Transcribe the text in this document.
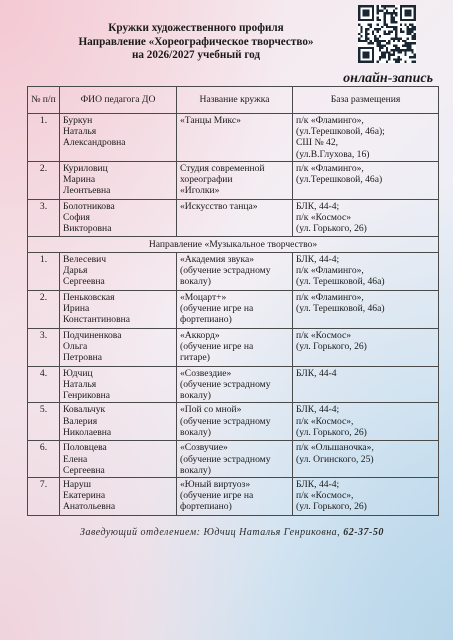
Кружки художественного профиля
Направление «Хореографическое творчество»
на 2026/2027 учебный год
онлайн-запись
№ п/п	ФИО педагога ДО	Название кружка	База размещения
1.	Буркун
Наталья
Александровна	«Танцы Микс»	п/к «Фламинго»,
(ул.Терешковой, 46а);
СШ № 42,
(ул.В.Глухова, 16)

2.	Куриловиц
Марина
Леонтьевна	Студия современной
хореографии
«Иголки»	п/к «Фламинго»,
(ул.Терешковой, 46а)

3.	Болотникова
София
Викторовна	«Искусство танца»	БЛК, 44-4;
п/к «Космос»
(ул. Горького, 26)

Направление «Музыкальное творчество»			
1.	Велесевич
Дарья
Сергеевна	«Академия звука»
(обучение эстрадному
вокалу)	БЛК, 44-4;
п/к «Фламинго»,
(ул. Терешковой, 46а)

2.	Пеньковская
Ирина
Константиновна	«Моцарт+»
(обучение игре на
фортепиано)	п/к «Фламинго»,
(ул. Терешковой, 46а)

3.	Подчиненкова
Ольга
Петровна	«Аккорд»
(обучение игре на
гитаре)	п/к «Космос»
(ул. Горького, 26)

4.	Юдчиц
Наталья
Генриковна	«Созвездие»
(обучение эстрадному
вокалу)	БЛК, 44-4

5.	Ковальчук
Валерия
Николаевна	«Пой со мной»
(обучение эстрадному
вокалу)	БЛК, 44-4;
п/к «Космос»,
(ул. Горького, 26)

6.	Половцева
Елена
Сергеевна	«Созвучие»
(обучение эстрадному
вокалу)	п/к «Ольшаночка»,
(ул. Огинского, 25)

7.	Наруш
Екатерина
Анатольевна	«Юный виртуоз»
(обучение игре на
фортепиано)	БЛК, 44-4;
п/к «Космос»,
(ул. Горького, 26)
Заведующий отделением: Юдчиц Наталья Генриковна, 62-37-50
